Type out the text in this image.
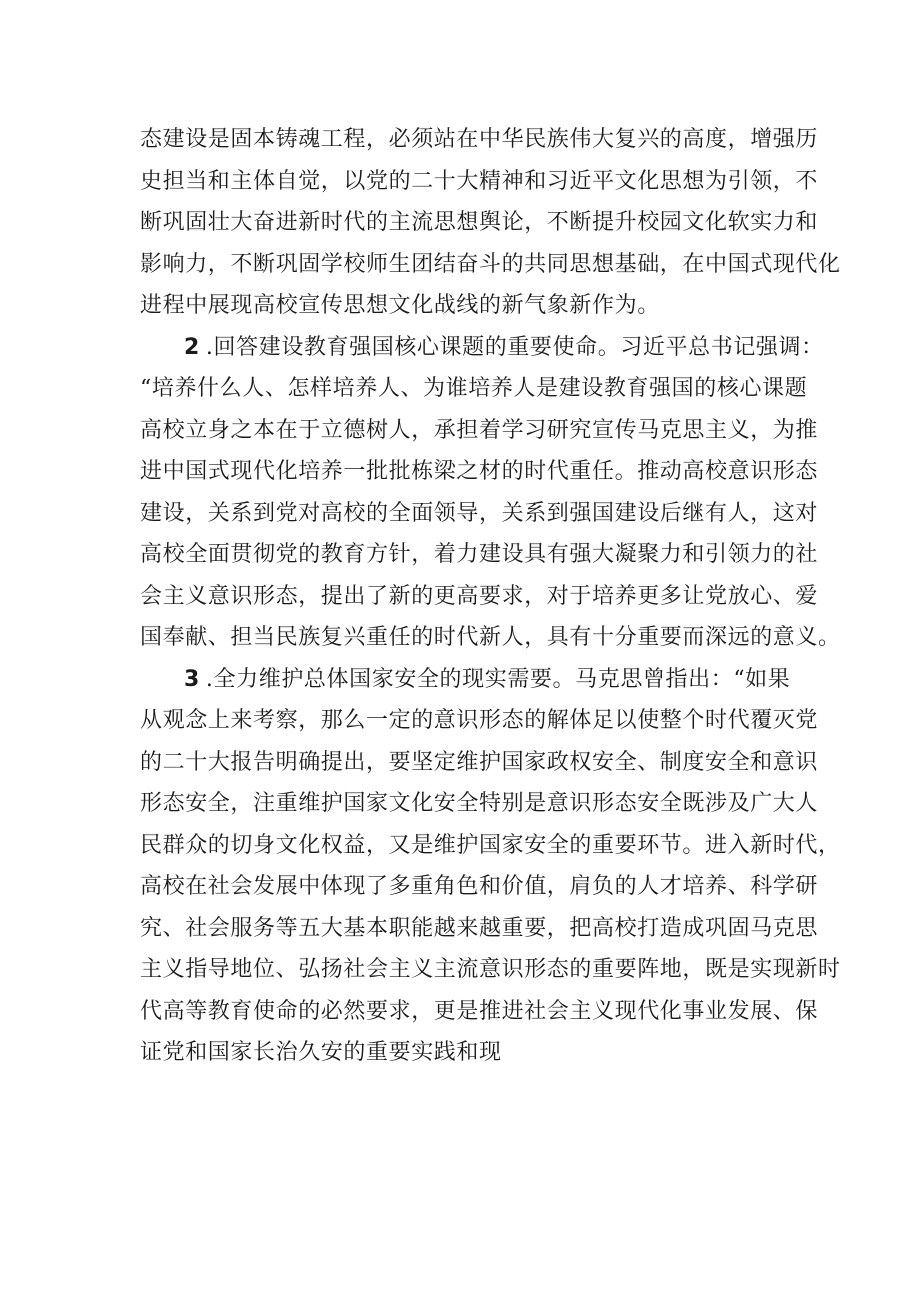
态建设是固本铸魂工程，必须站在中华民族伟大复兴的高度，增强历
史担当和主体自觉，以党的二十大精神和习近平文化思想为引领，不
断巩固壮大奋进新时代的主流思想舆论，不断提升校园文化软实力和
影响力，不断巩固学校师生团结奋斗的共同思想基础，在中国式现代化
进程中展现高校宣传思想文化战线的新气象新作为。
2 .回答建设教育强国核心课题的重要使命。习近平总书记强调：
“培养什么人、怎样培养人、为谁培养人是建设教育强国的核心课题
高校立身之本在于立德树人，承担着学习研究宣传马克思主义，为推
进中国式现代化培养一批批栋梁之材的时代重任。推动高校意识形态
建设，关系到党对高校的全面领导，关系到强国建设后继有人，这对
高校全面贯彻党的教育方针，着力建设具有强大凝聚力和引领力的社
会主义意识形态，提出了新的更高要求，对于培养更多让党放心、爱
国奉献、担当民族复兴重任的时代新人，具有十分重要而深远的意义。
3 .全力维护总体国家安全的现实需要。马克思曾指出：“如果
从观念上来考察，那么一定的意识形态的解体足以使整个时代覆灭党
的二十大报告明确提出，要坚定维护国家政权安全、制度安全和意识
形态安全，注重维护国家文化安全特别是意识形态安全既涉及广大人
民群众的切身文化权益，又是维护国家安全的重要环节。进入新时代，
高校在社会发展中体现了多重角色和价值，肩负的人才培养、科学研
究、社会服务等五大基本职能越来越重要，把高校打造成巩固马克思
主义指导地位、弘扬社会主义主流意识形态的重要阵地，既是实现新时
代高等教育使命的必然要求，更是推进社会主义现代化事业发展、保
证党和国家长治久安的重要实践和现
